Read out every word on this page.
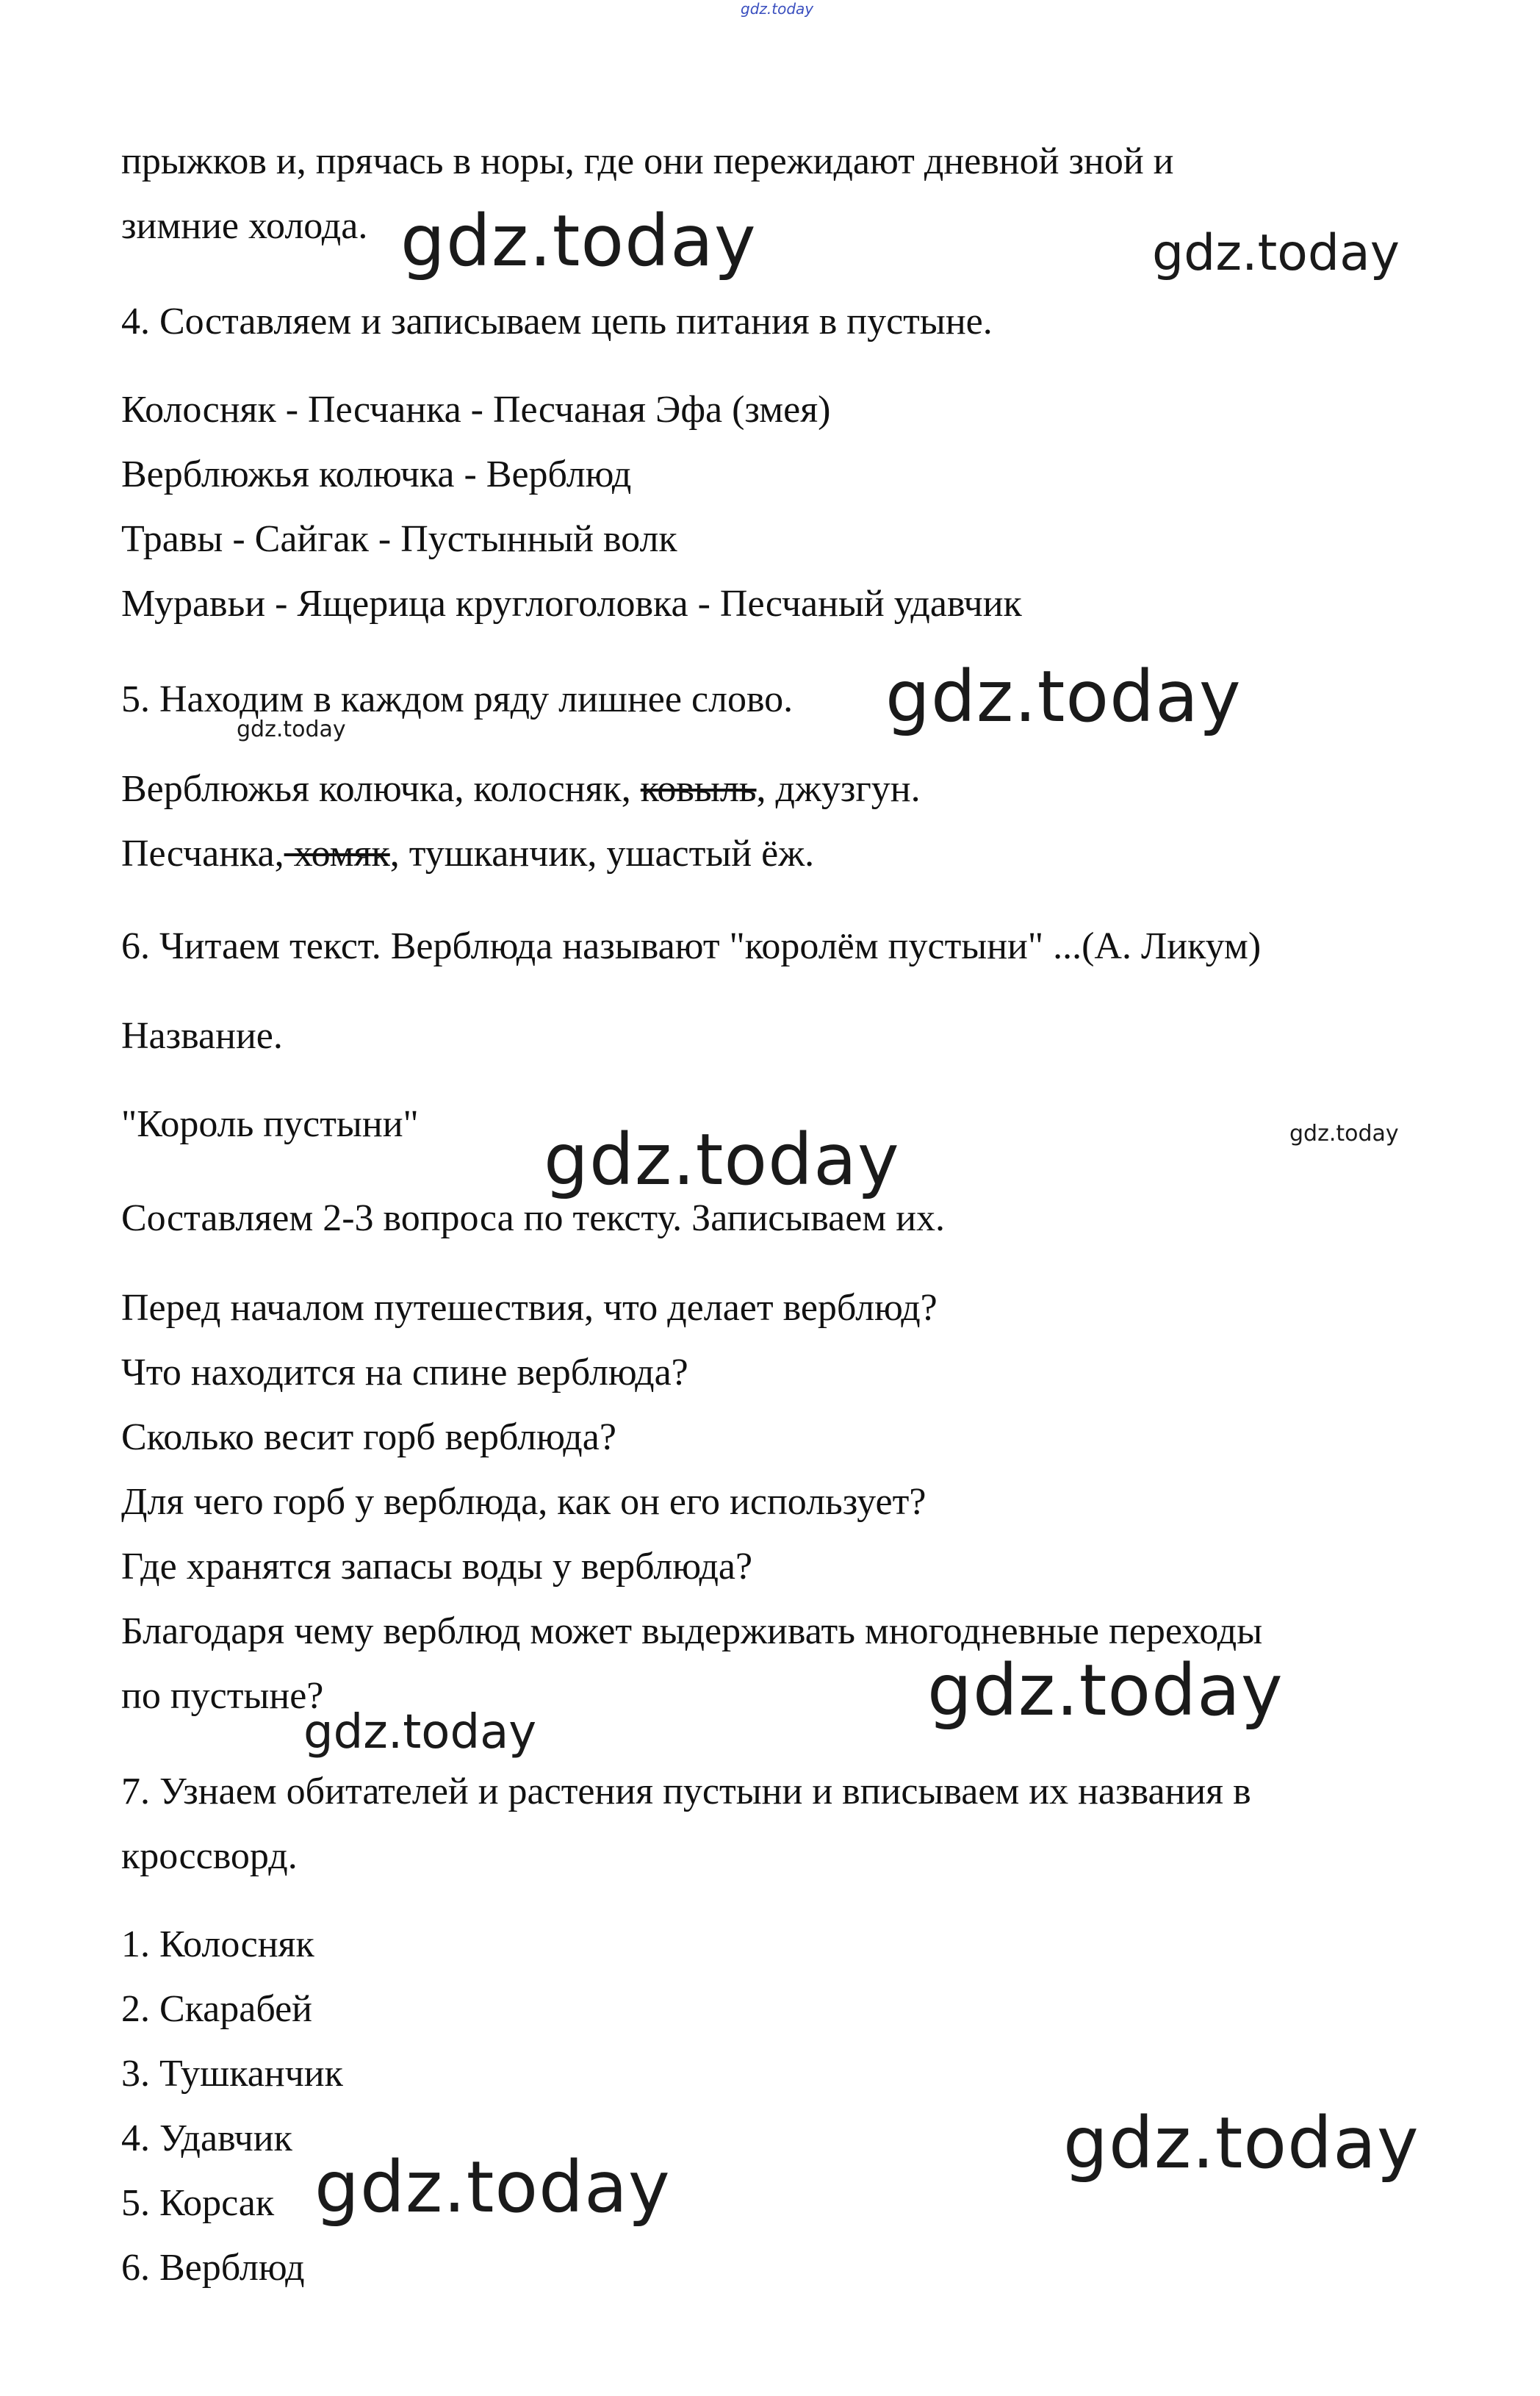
gdz.today
прыжков и, прячась в норы, где они пережидают дневной зной и
зимние холода.
4. Составляем и записываем цепь питания в пустыне.
Колосняк - Песчанка - Песчаная Эфа (змея)
Верблюжья колючка - Верблюд
Травы - Сайгак - Пустынный волк
Муравьи - Ящерица круглоголовка - Песчаный удавчик
5. Находим в каждом ряду лишнее слово.
Верблюжья колючка, колосняк, ковыль, джузгун.
Песчанка, хомяк, тушканчик, ушастый ёж.
6. Читаем текст. Верблюда называют "королём пустыни" ...(А. Ликум)
Название.
"Король пустыни"
Составляем 2-3 вопроса по тексту. Записываем их.
Перед началом путешествия, что делает верблюд?
Что находится на спине верблюда?
Сколько весит горб верблюда?
Для чего горб у верблюда, как он его использует?
Где хранятся запасы воды у верблюда?
Благодаря чему верблюд может выдерживать многодневные переходы
по пустыне?
7. Узнаем обитателей и растения пустыни и вписываем их названия в
кроссворд.
1. Колосняк
2. Скарабей
3. Тушканчик
4. Удавчик
5. Корсак
6. Верблюд
gdz.today	gdz.today
gdz.today
gdz.today
gdz.today	gdz.today
gdz.today
gdz.today
gdz.today
gdz.today
